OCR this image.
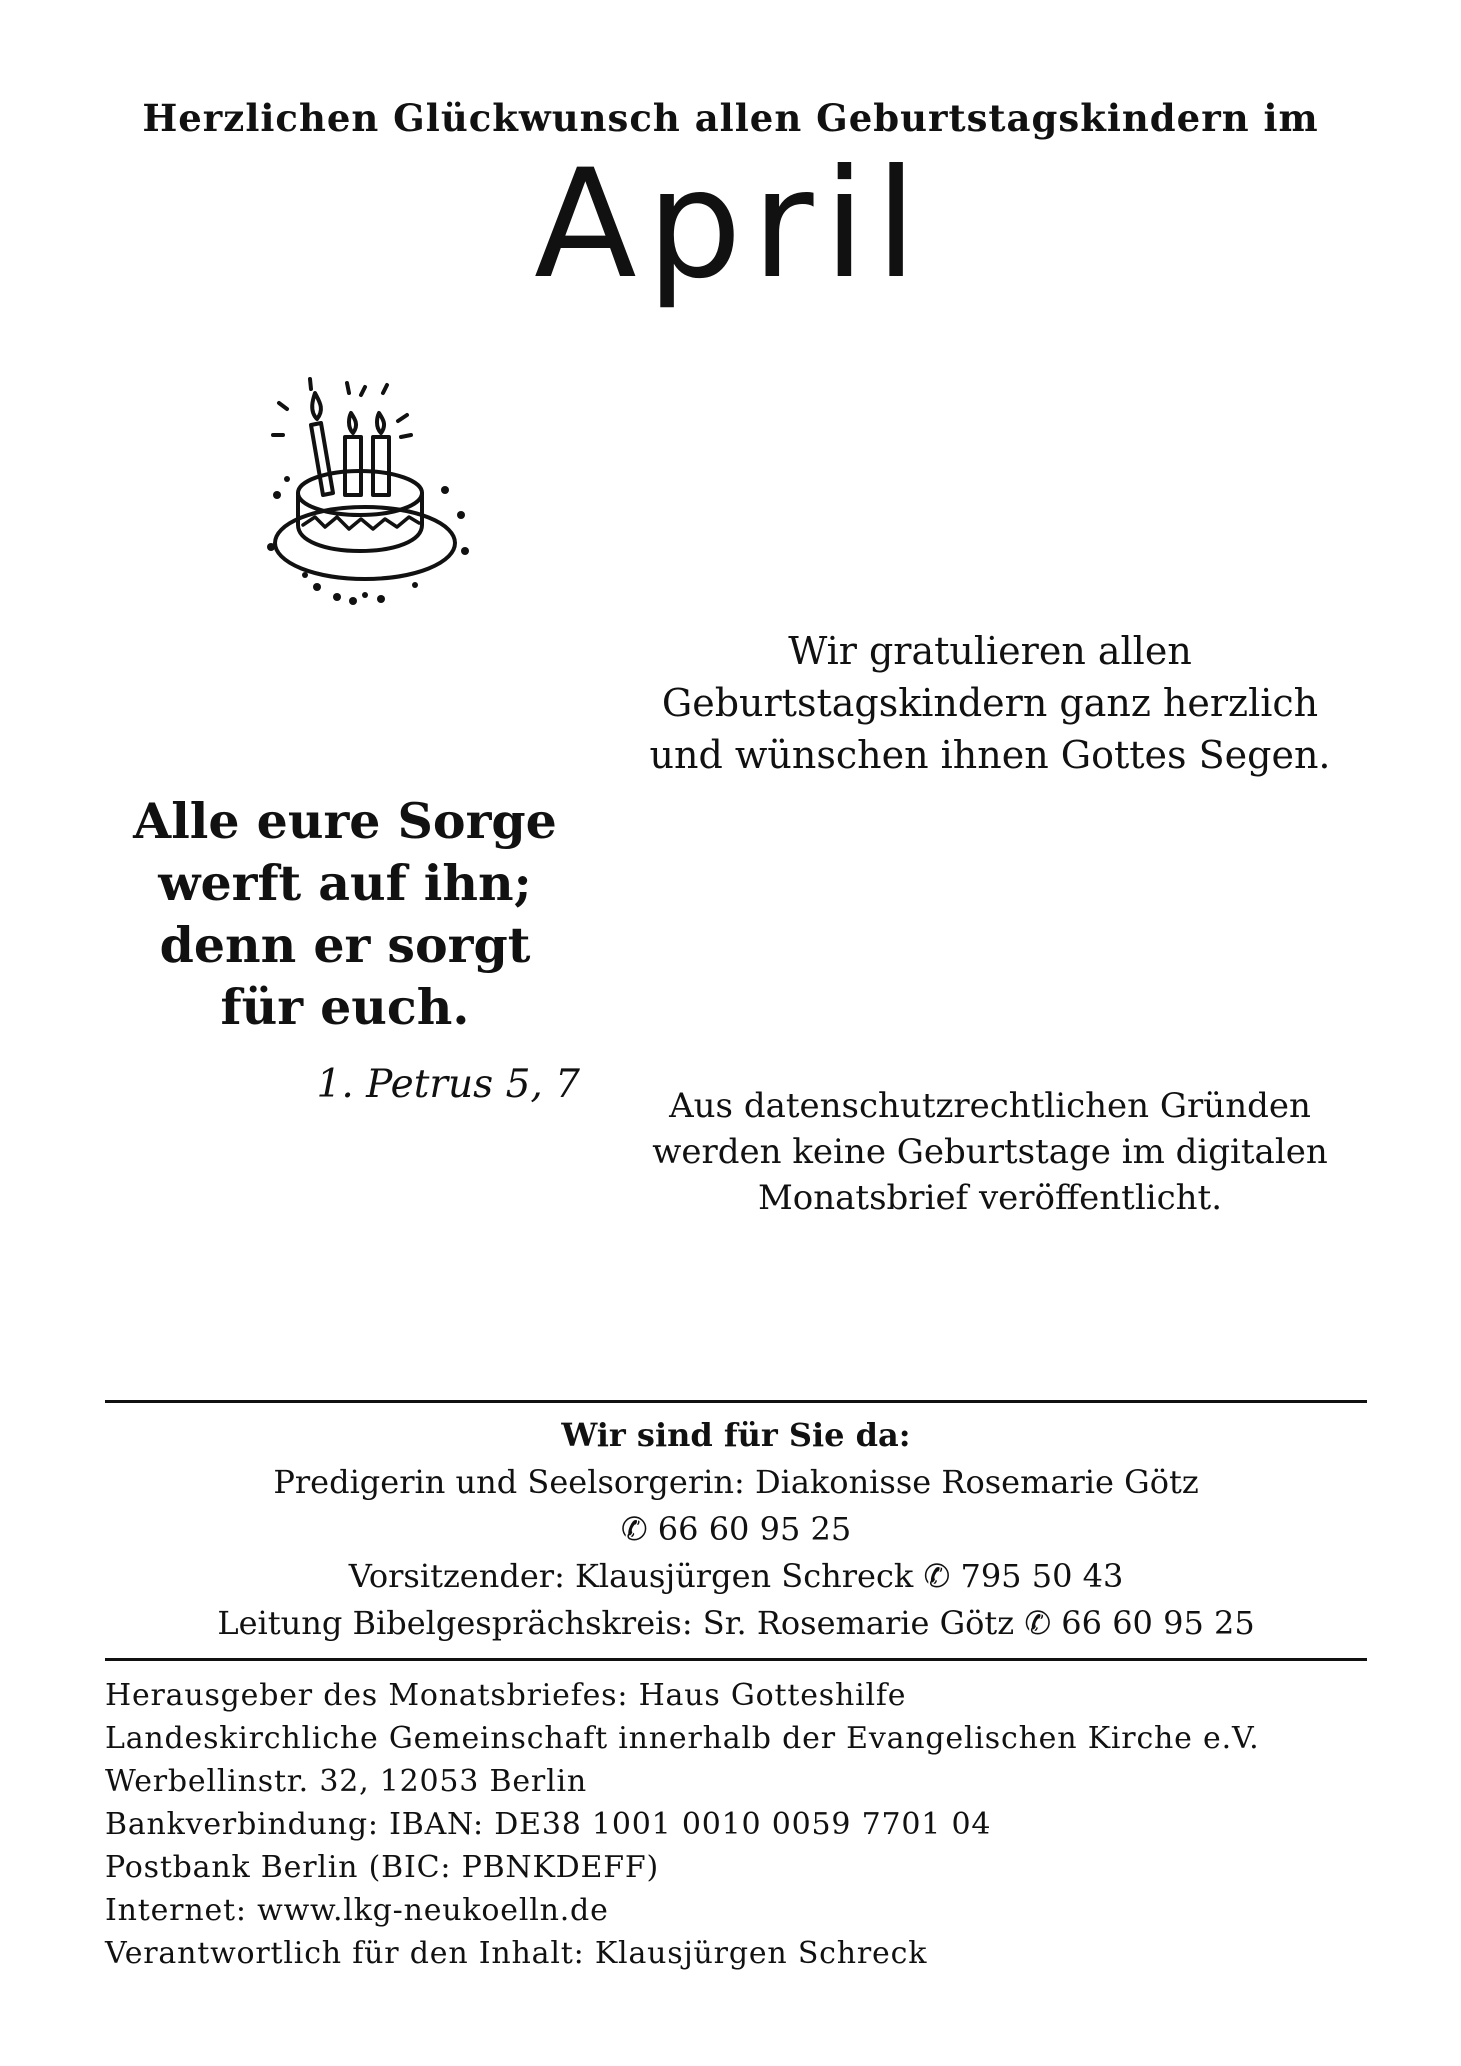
Herzlichen Glückwunsch allen Geburtstagskindern im
April
Wir gratulieren allen
Geburtstagskindern ganz herzlich
und wünschen ihnen Gottes Segen.
Alle eure Sorge
werft auf ihn;
denn er sorgt
für euch.
1. Petrus 5, 7	Aus datenschutzrechtlichen Gründen
werden keine Geburtstage im digitalen
Monatsbrief veröffentlicht.
Wir sind für Sie da:
Predigerin und Seelsorgerin: Diakonisse Rosemarie Götz
✆ 66 60 95 25
Vorsitzender: Klausjürgen Schreck ✆ 795 50 43
Leitung Bibelgesprächskreis: Sr. Rosemarie Götz ✆ 66 60 95 25
Herausgeber des Monatsbriefes: Haus Gotteshilfe
Landeskirchliche Gemeinschaft innerhalb der Evangelischen Kirche e.V.
Werbellinstr. 32, 12053 Berlin
Bankverbindung: IBAN: DE38 1001 0010 0059 7701 04
Postbank Berlin (BIC: PBNKDEFF)
Internet: www.lkg-neukoelln.de
Verantwortlich für den Inhalt: Klausjürgen Schreck
